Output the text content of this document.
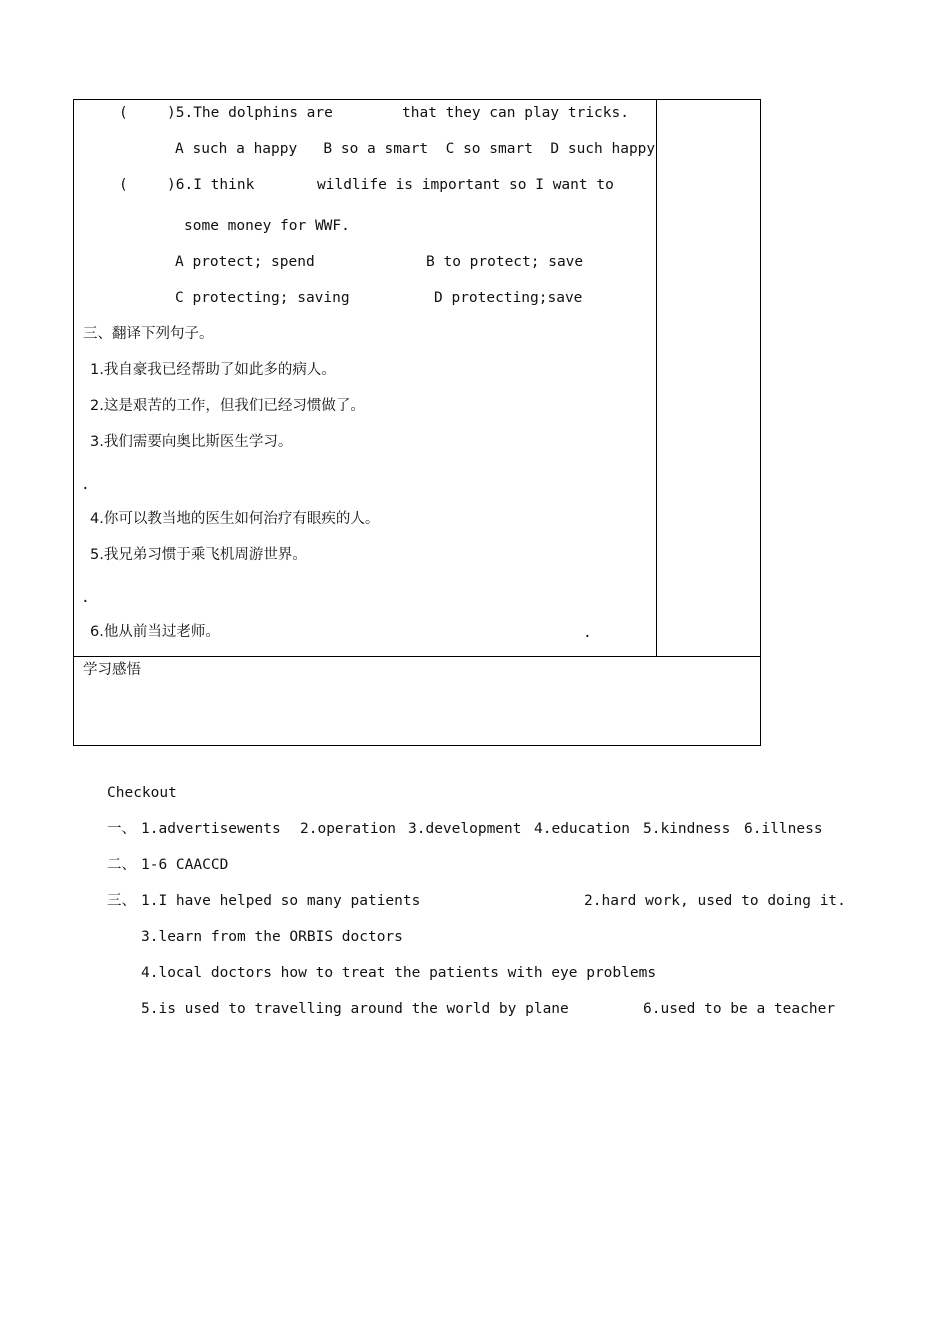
(	)5.The dolphins are	that they can play tricks.
A such a happy   B so a smart  C so smart  D such happy
(	)6.I think	wildlife is important so I want to
some money for WWF.
A protect; spend	B to protect; save
C protecting; saving	D protecting;save
三、翻译下列句子。
1.我自豪我已经帮助了如此多的病人。
2.这是艰苦的工作，但我们已经习惯做了。
3.我们需要向奥比斯医生学习。
.
4.你可以教当地的医生如何治疗有眼疾的人。
5.我兄弟习惯于乘飞机周游世界。
.
6.他从前当过老师。	.
学习感悟
Checkout
一、 1.advertisewents 2.operation 3.development 4.education 5.kindness 6.illness
二、 1-6 CAACCD
三、 1.I have helped so many patients	2.hard work, used to doing it.
3.learn from the ORBIS doctors
4.local doctors how to treat the patients with eye problems
5.is used to travelling around the world by plane	6.used to be a teacher
